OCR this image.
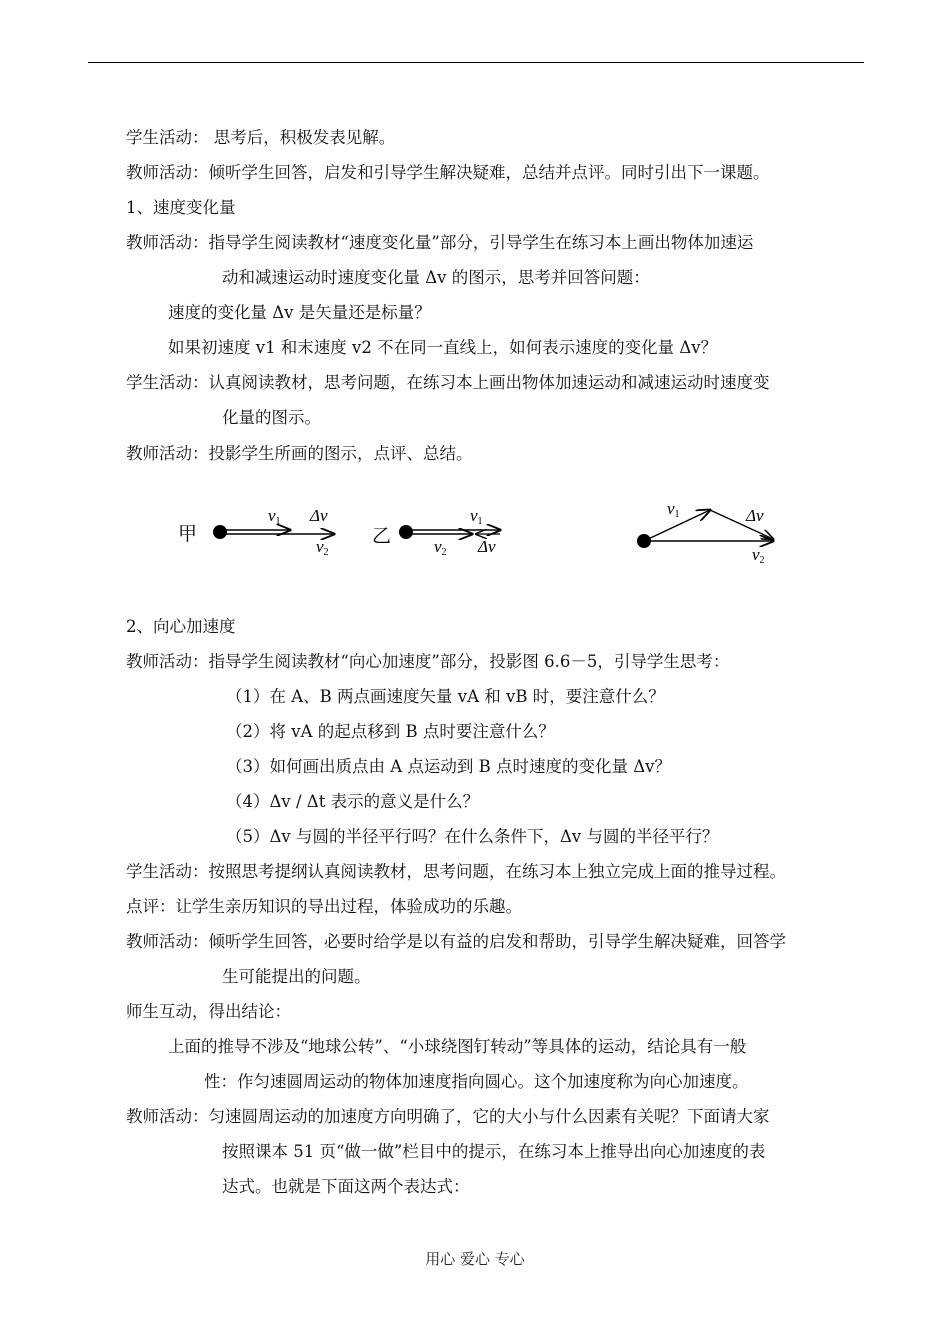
学生活动： 思考后，积极发表见解。
教师活动：倾听学生回答，启发和引导学生解决疑难，总结并点评。同时引出下一课题。
1、速度变化量
教师活动：指导学生阅读教材“速度变化量”部分，引导学生在练习本上画出物体加速运
动和减速运动时速度变化量 Δv 的图示，思考并回答问题：
速度的变化量 Δv 是矢量还是标量？
如果初速度 v1 和末速度 v2 不在同一直线上，如何表示速度的变化量 Δv？
学生活动：认真阅读教材，思考问题，在练习本上画出物体加速运动和减速运动时速度变
化量的图示。
教师活动：投影学生所画的图示，点评、总结。
甲
v1 Δv
v2
乙
v1
v2 Δv
v1	Δv
v2
2、向心加速度
教师活动：指导学生阅读教材“向心加速度”部分，投影图 6.6－5，引导学生思考：
（1）在 A、B 两点画速度矢量 vA 和 vB 时，要注意什么？
（2）将 vA 的起点移到 B 点时要注意什么？
（3）如何画出质点由 A 点运动到 B 点时速度的变化量 Δv？
（4）Δv / Δt 表示的意义是什么？
（5）Δv 与圆的半径平行吗？在什么条件下，Δv 与圆的半径平行？
学生活动：按照思考提纲认真阅读教材，思考问题，在练习本上独立完成上面的推导过程。
点评：让学生亲历知识的导出过程，体验成功的乐趣。
教师活动：倾听学生回答，必要时给学是以有益的启发和帮助，引导学生解决疑难，回答学
生可能提出的问题。
师生互动，得出结论：
上面的推导不涉及“地球公转”、“小球绕图钉转动”等具体的运动，结论具有一般
性：作匀速圆周运动的物体加速度指向圆心。这个加速度称为向心加速度。
教师活动：匀速圆周运动的加速度方向明确了，它的大小与什么因素有关呢？下面请大家
按照课本 51 页“做一做”栏目中的提示，在练习本上推导出向心加速度的表
达式。也就是下面这两个表达式：
用心 爱心 专心
